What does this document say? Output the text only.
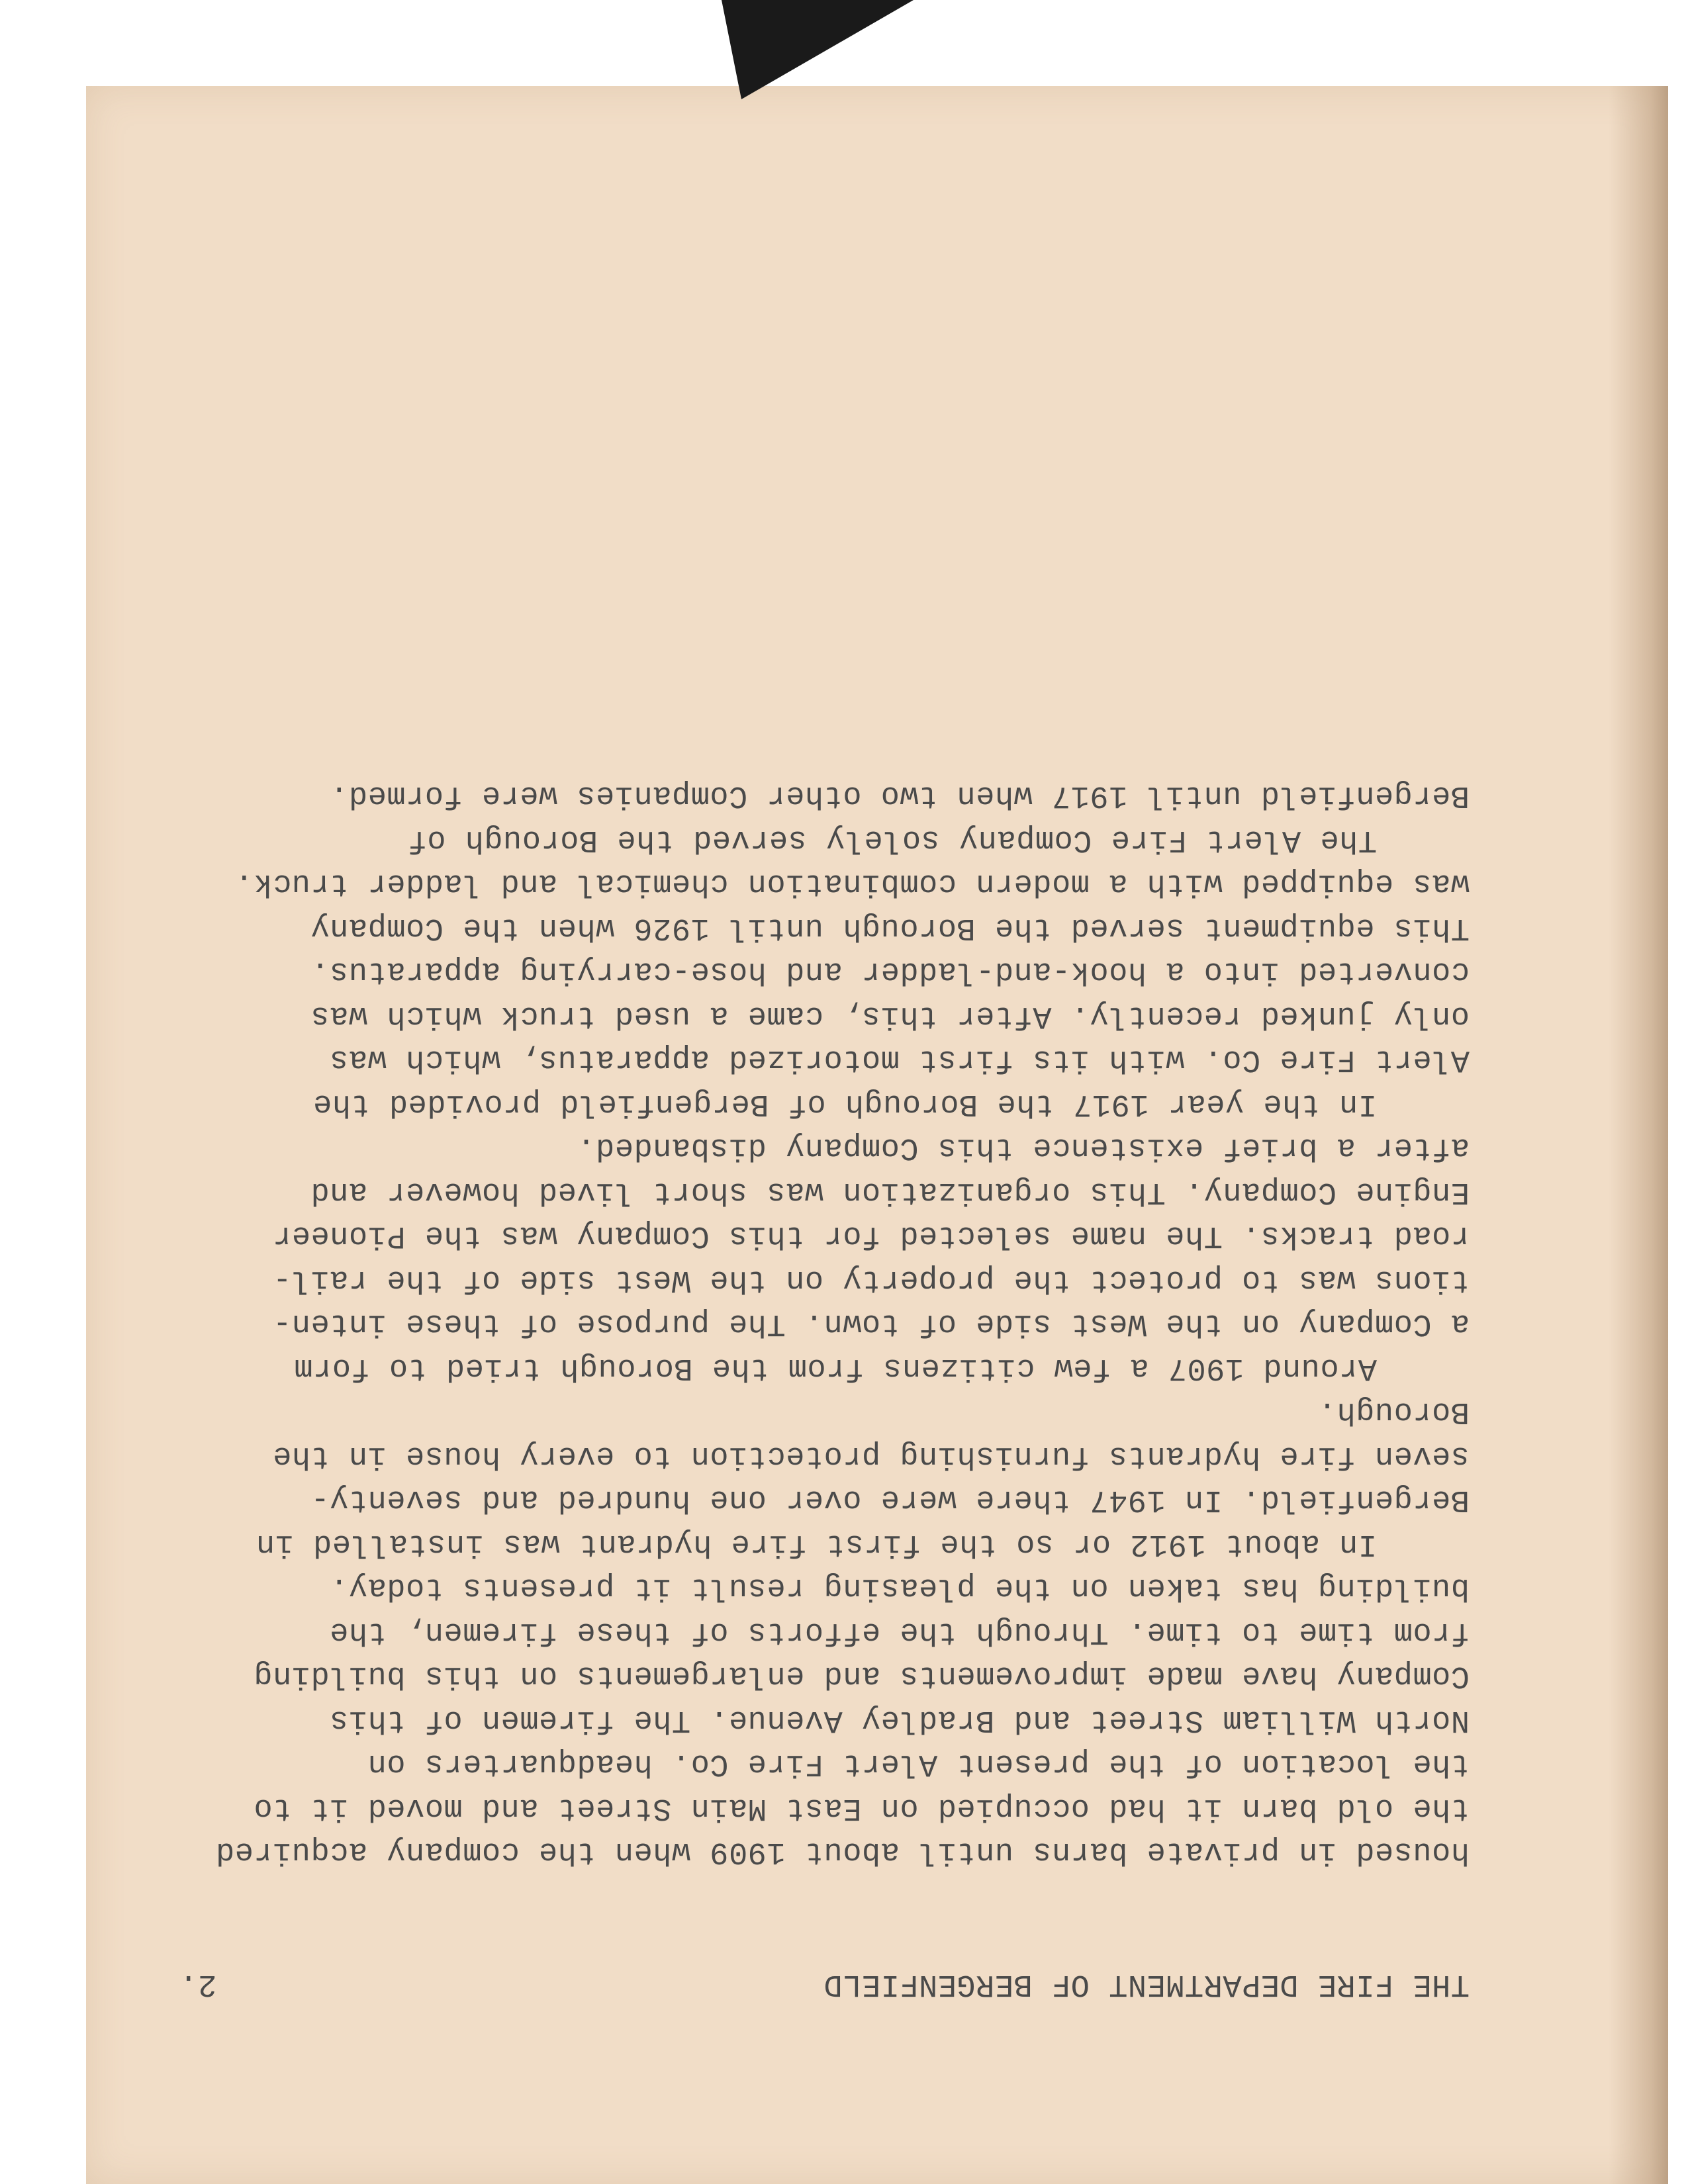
THE FIRE DEPARTMENT OF BERGENFIELD
2.

housed in private barns until about 1909 when the company acquired

the old barn it had occupied on East Main Street and moved it to

the location of the present Alert Fire Co. headquarters on

North William Street and Bradley Avenue. The firemen of this

Company have made improvements and enlargements on this building

from time to time. Through the efforts of these firemen, the

building has taken on the pleasing result it presents today.

In about 1912 or so the first fire hydrant was installed in

Bergenfield. In 1947 there were over one hundred and seventy-

seven fire hydrants furnishing protection to every house in the

Borough.

Around 1907 a few citizens from the Borough tried to form

a Company on the West side of town. The purpose of these inten-

tions was to protect the property on the West side of the rail-

road tracks. The name selected for this Company was the Pioneer

Engine Company. This organization was short lived however and

after a brief existence this Company disbanded.

In the year 1917 the Borough of Bergenfield provided the

Alert Fire Co. with its first motorized apparatus, which was

only junked recently. After this, came a used truck which was

converted into a hook-and-ladder and hose-carrying apparatus.

This equipment served the Borough until 1926 when the Company

was equipped with a modern combination chemical and ladder truck.

The Alert Fire Company solely served the Borough of

Bergenfield until 1917 when two other Companies were formed.
